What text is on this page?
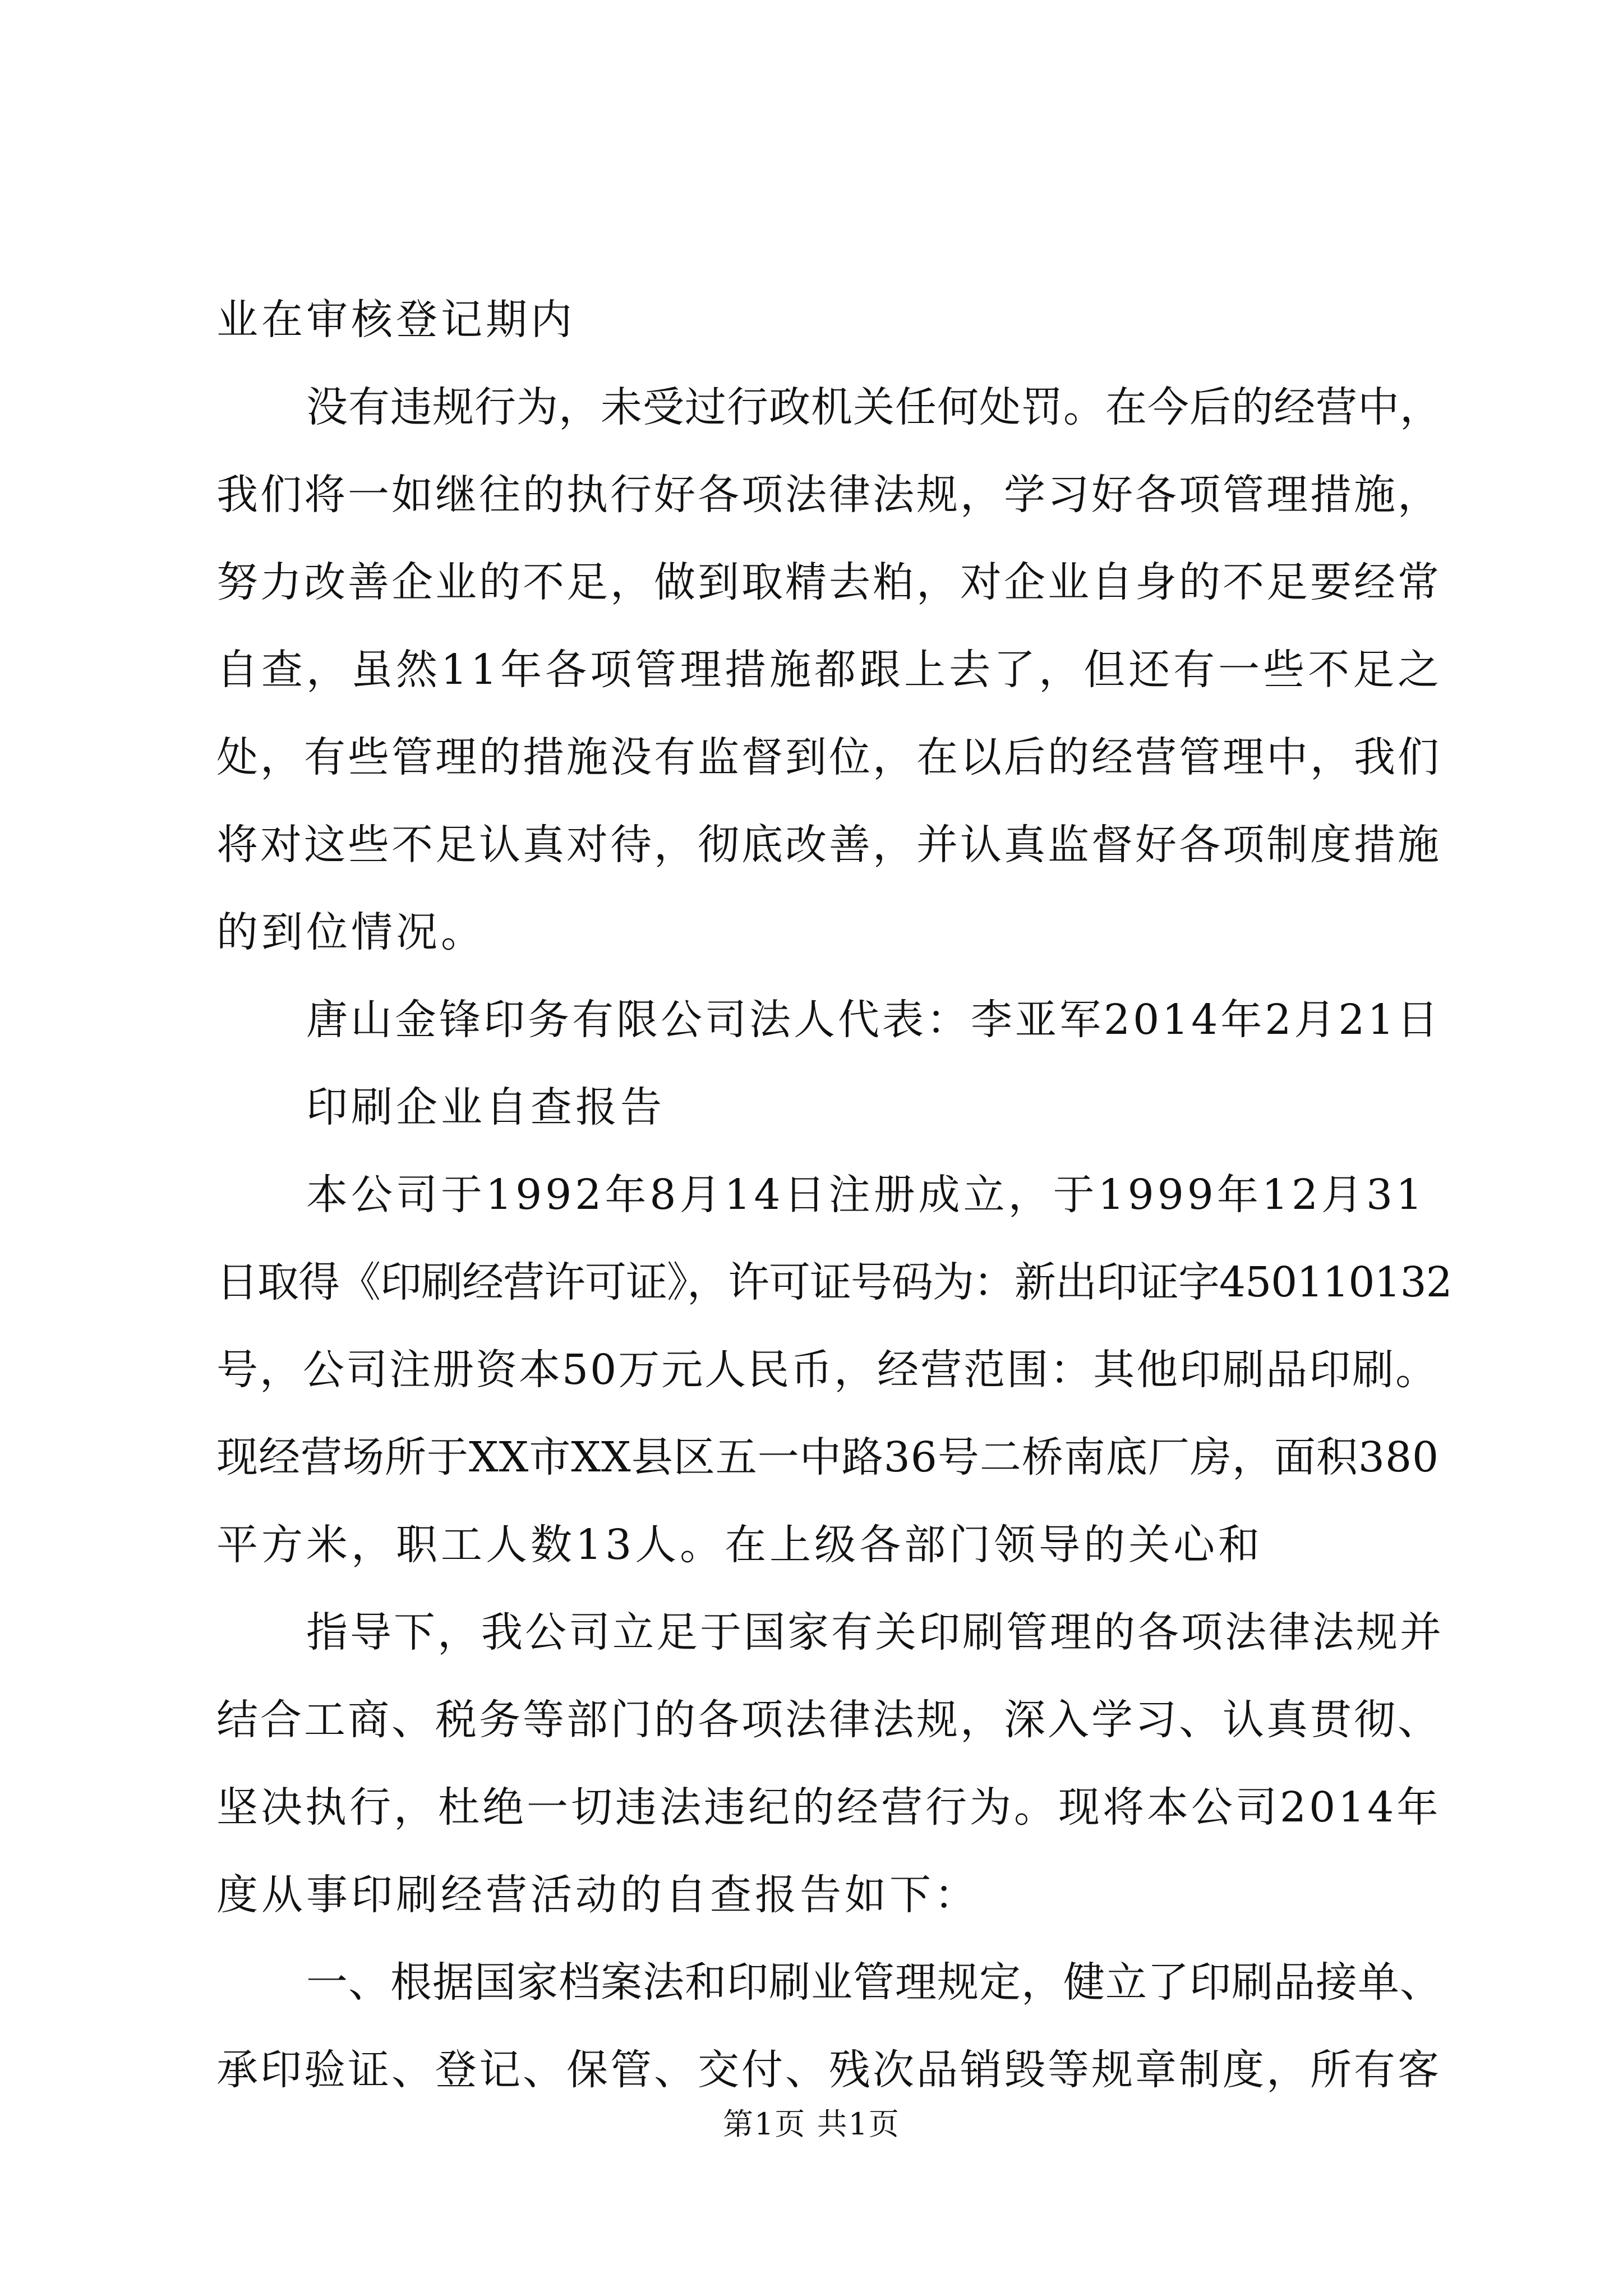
业在审核登记期内
没有违规行为，未受过行政机关任何处罚。在今后的经营中，
我们将一如继往的执行好各项法律法规，学习好各项管理措施，
努力改善企业的不足，做到取精去粕，对企业自身的不足要经常
自查，虽然11年各项管理措施都跟上去了，但还有一些不足之
处，有些管理的措施没有监督到位，在以后的经营管理中，我们
将对这些不足认真对待，彻底改善，并认真监督好各项制度措施
的到位情况。
唐山金锋印务有限公司法人代表：李亚军2014年2月21日
印刷企业自查报告
本公司于1992年8月14日注册成立，于1999年12月31
日取得《印刷经营许可证》，许可证号码为：新出印证字450110132
号，公司注册资本50万元人民币，经营范围：其他印刷品印刷。
现经营场所于XX市XX县区五一中路36号二桥南底厂房，面积380
平方米，职工人数13人。在上级各部门领导的关心和
指导下，我公司立足于国家有关印刷管理的各项法律法规并
结合工商、税务等部门的各项法律法规，深入学习、认真贯彻、
坚决执行，杜绝一切违法违纪的经营行为。现将本公司2014年
度从事印刷经营活动的自查报告如下：
一、根据国家档案法和印刷业管理规定，健立了印刷品接单、
承印验证、登记、保管、交付、残次品销毁等规章制度，所有客
第1页 共1页
